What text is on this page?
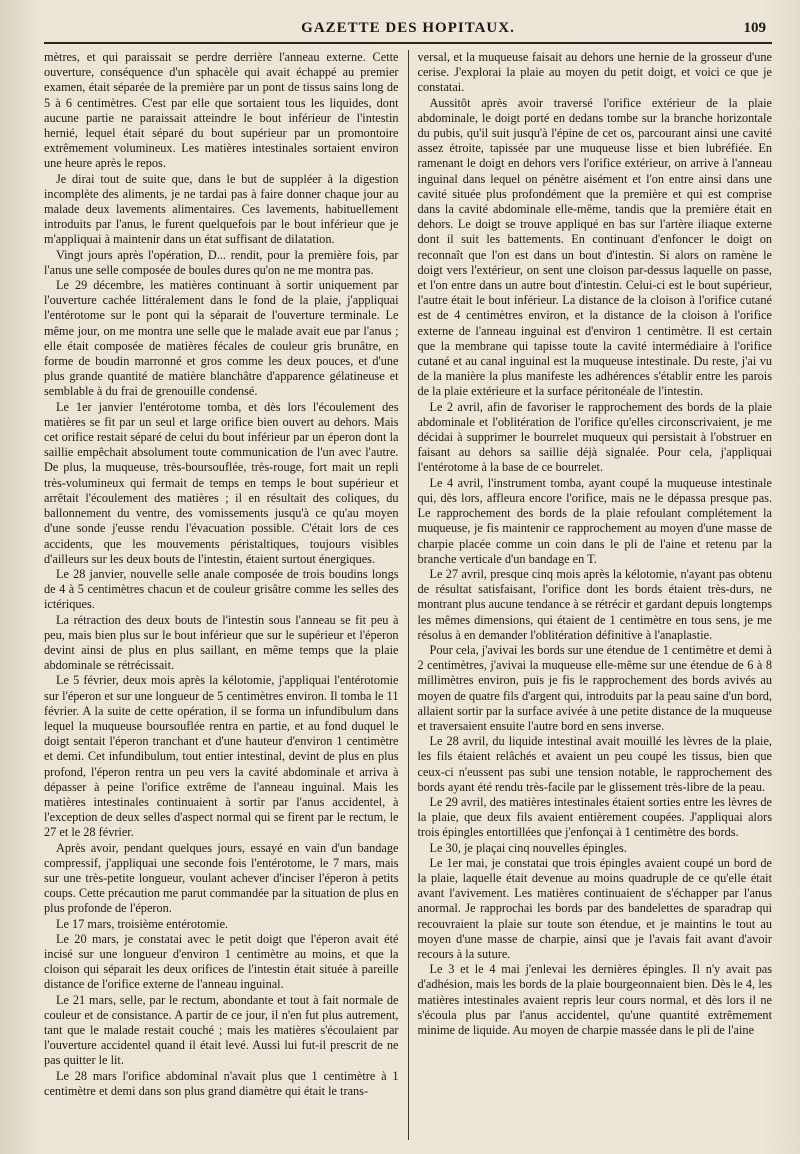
GAZETTE DES HOPITAUX.	109

mètres, et qui paraissait se perdre derrière l'anneau externe. Cette ouverture, conséquence d'un sphacèle qui avait échappé au premier examen, était séparée de la première par un pont de tissus sains long de 5 à 6 centimètres. C'est par elle que sortaient tous les liquides, dont aucune partie ne paraissait atteindre le bout inférieur de l'intestin hernié, lequel était séparé du bout supérieur par un promontoire extrêmement volumineux. Les matières intestinales sortaient environ une heure après le repos.

Je dirai tout de suite que, dans le but de suppléer à la digestion incomplète des aliments, je ne tardai pas à faire donner chaque jour au malade deux lavements alimentaires. Ces lavements, habituellement introduits par l'anus, le furent quelquefois par le bout inférieur que je m'appliquai à maintenir dans un état suffisant de dilatation.

Vingt jours après l'opération, D... rendit, pour la première fois, par l'anus une selle composée de boules dures qu'on ne me montra pas.

Le 29 décembre, les matières continuant à sortir uniquement par l'ouverture cachée littéralement dans le fond de la plaie, j'appliquai l'entérotome sur le pont qui la séparait de l'ouverture terminale. Le même jour, on me montra une selle que le malade avait eue par l'anus ; elle était composée de matières fécales de couleur gris brunâtre, en forme de boudin marronné et gros comme les deux pouces, et d'une plus grande quantité de matière blanchâtre d'apparence gélatineuse et semblable à du frai de grenouille condensé.

Le 1er janvier l'entérotome tomba, et dès lors l'écoulement des matières se fit par un seul et large orifice bien ouvert au dehors. Mais cet orifice restait séparé de celui du bout inférieur par un éperon dont la saillie empêchait absolument toute communication de l'un avec l'autre. De plus, la muqueuse, très-boursouflée, très-rouge, fort mait un repli très-volumineux qui fermait de temps en temps le bout supérieur et arrêtait l'écoulement des matières ; il en résultait des coliques, du ballonnement du ventre, des vomissements jusqu'à ce qu'au moyen d'une sonde j'eusse rendu l'évacuation possible. C'était lors de ces accidents, que les mouvements péristaltiques, toujours visibles d'ailleurs sur les deux bouts de l'intestin, étaient surtout énergiques.

Le 28 janvier, nouvelle selle anale composée de trois boudins longs de 4 à 5 centimètres chacun et de couleur grisâtre comme les selles des ictériques.

La rétraction des deux bouts de l'intestin sous l'anneau se fit peu à peu, mais bien plus sur le bout inférieur que sur le supérieur et l'éperon devint ainsi de plus en plus saillant, en même temps que la plaie abdominale se rétrécissait.

Le 5 février, deux mois après la kélotomie, j'appliquai l'entérotomie sur l'éperon et sur une longueur de 5 centimètres environ. Il tomba le 11 février. A la suite de cette opération, il se forma un infundibulum dans lequel la muqueuse boursouflée rentra en partie, et au fond duquel le doigt sentait l'éperon tranchant et d'une hauteur d'environ 1 centimètre et demi. Cet infundibulum, tout entier intestinal, devint de plus en plus profond, l'éperon rentra un peu vers la cavité abdominale et arriva à dépasser à peine l'orifice extrême de l'anneau inguinal. Mais les matières intestinales continuaient à sortir par l'anus accidentel, à l'exception de deux selles d'aspect normal qui se firent par le rectum, le 27 et le 28 février.

Après avoir, pendant quelques jours, essayé en vain d'un bandage compressif, j'appliquai une seconde fois l'entérotome, le 7 mars, mais sur une très-petite longueur, voulant achever d'inciser l'éperon à petits coups. Cette précaution me parut commandée par la situation de plus en plus profonde de l'éperon.

Le 17 mars, troisième entérotomie.

Le 20 mars, je constatai avec le petit doigt que l'éperon avait été incisé sur une longueur d'environ 1 centimètre au moins, et que la cloison qui séparait les deux orifices de l'intestin était située à pareille distance de l'orifice externe de l'anneau inguinal.

Le 21 mars, selle, par le rectum, abondante et tout à fait normale de couleur et de consistance. A partir de ce jour, il n'en fut plus autrement, tant que le malade restait couché ; mais les matières s'écoulaient par l'ouverture accidentel quand il était levé. Aussi lui fut-il prescrit de ne pas quitter le lit.

Le 28 mars l'orifice abdominal n'avait plus que 1 centimètre à 1 centimètre et demi dans son plus grand diamètre qui était le trans-

versal, et la muqueuse faisait au dehors une hernie de la grosseur d'une cerise. J'explorai la plaie au moyen du petit doigt, et voici ce que je constatai.

Aussitôt après avoir traversé l'orifice extérieur de la plaie abdominale, le doigt porté en dedans tombe sur la branche horizontale du pubis, qu'il suit jusqu'à l'épine de cet os, parcourant ainsi une cavité assez étroite, tapissée par une muqueuse lisse et bien lubréfiée. En ramenant le doigt en dehors vers l'orifice extérieur, on arrive à l'anneau inguinal dans lequel on pénètre aisément et l'on entre ainsi dans une cavité située plus profondément que la première et qui est comprise dans la cavité abdominale elle-même, tandis que la première était en dehors. Le doigt se trouve appliqué en bas sur l'artère iliaque externe dont il suit les battements. En continuant d'enfoncer le doigt on reconnaît que l'on est dans un bout d'intestin. Si alors on ramène le doigt vers l'extérieur, on sent une cloison par-dessus laquelle on passe, et l'on entre dans un autre bout d'intestin. Celui-ci est le bout supérieur, l'autre était le bout inférieur. La distance de la cloison à l'orifice cutané est de 4 centimètres environ, et la distance de la cloison à l'orifice externe de l'anneau inguinal est d'environ 1 centimètre. Il est certain que la membrane qui tapisse toute la cavité intermédiaire à l'orifice cutané et au canal inguinal est la muqueuse intestinale. Du reste, j'ai vu de la manière la plus manifeste les adhérences s'établir entre les parois de la plaie extérieure et la surface péritonéale de l'intestin.

Le 2 avril, afin de favoriser le rapprochement des bords de la plaie abdominale et l'oblitération de l'orifice qu'elles circonscrivaient, je me décidai à supprimer le bourrelet muqueux qui persistait à l'obstruer en faisant au dehors sa saillie déjà signalée. Pour cela, j'appliquai l'entérotome à la base de ce bourrelet.

Le 4 avril, l'instrument tomba, ayant coupé la muqueuse intestinale qui, dès lors, affleura encore l'orifice, mais ne le dépassa presque pas. Le rapprochement des bords de la plaie refoulant complétement la muqueuse, je fis maintenir ce rapprochement au moyen d'une masse de charpie placée comme un coin dans le pli de l'aine et retenu par la branche verticale d'un bandage en T.

Le 27 avril, presque cinq mois après la kélotomie, n'ayant pas obtenu de résultat satisfaisant, l'orifice dont les bords étaient très-durs, ne montrant plus aucune tendance à se rétrécir et gardant depuis longtemps les mêmes dimensions, qui étaient de 1 centimètre en tous sens, je me résolus à en demander l'oblitération définitive à l'anaplastie.

Pour cela, j'avivai les bords sur une étendue de 1 centimètre et demi à 2 centimètres, j'avivai la muqueuse elle-même sur une étendue de 6 à 8 millimètres environ, puis je fis le rapprochement des bords avivés au moyen de quatre fils d'argent qui, introduits par la peau saine d'un bord, allaient sortir par la surface avivée à une petite distance de la muqueuse et traversaient ensuite l'autre bord en sens inverse.

Le 28 avril, du liquide intestinal avait mouillé les lèvres de la plaie, les fils étaient relâchés et avaient un peu coupé les tissus, bien que ceux-ci n'eussent pas subi une tension notable, le rapprochement des bords ayant été rendu très-facile par le glissement très-libre de la peau.

Le 29 avril, des matières intestinales étaient sorties entre les lèvres de la plaie, que deux fils avaient entièrement coupées. J'appliquai alors trois épingles entortillées que j'enfonçai à 1 centimètre des bords.

Le 30, je plaçai cinq nouvelles épingles.

Le 1er mai, je constatai que trois épingles avaient coupé un bord de la plaie, laquelle était devenue au moins quadruple de ce qu'elle était avant l'avivement. Les matières continuaient de s'échapper par l'anus anormal. Je rapprochai les bords par des bandelettes de sparadrap qui recouvraient la plaie sur toute son étendue, et je maintins le tout au moyen d'une masse de charpie, ainsi que je l'avais fait avant d'avoir recours à la suture.

Le 3 et le 4 mai j'enlevai les dernières épingles. Il n'y avait pas d'adhésion, mais les bords de la plaie bourgeonnaient bien. Dès le 4, les matières intestinales avaient repris leur cours normal, et dès lors il ne s'écoula plus par l'anus accidentel, qu'une quantité extrêmement minime de liquide. Au moyen de charpie massée dans le pli de l'aine
